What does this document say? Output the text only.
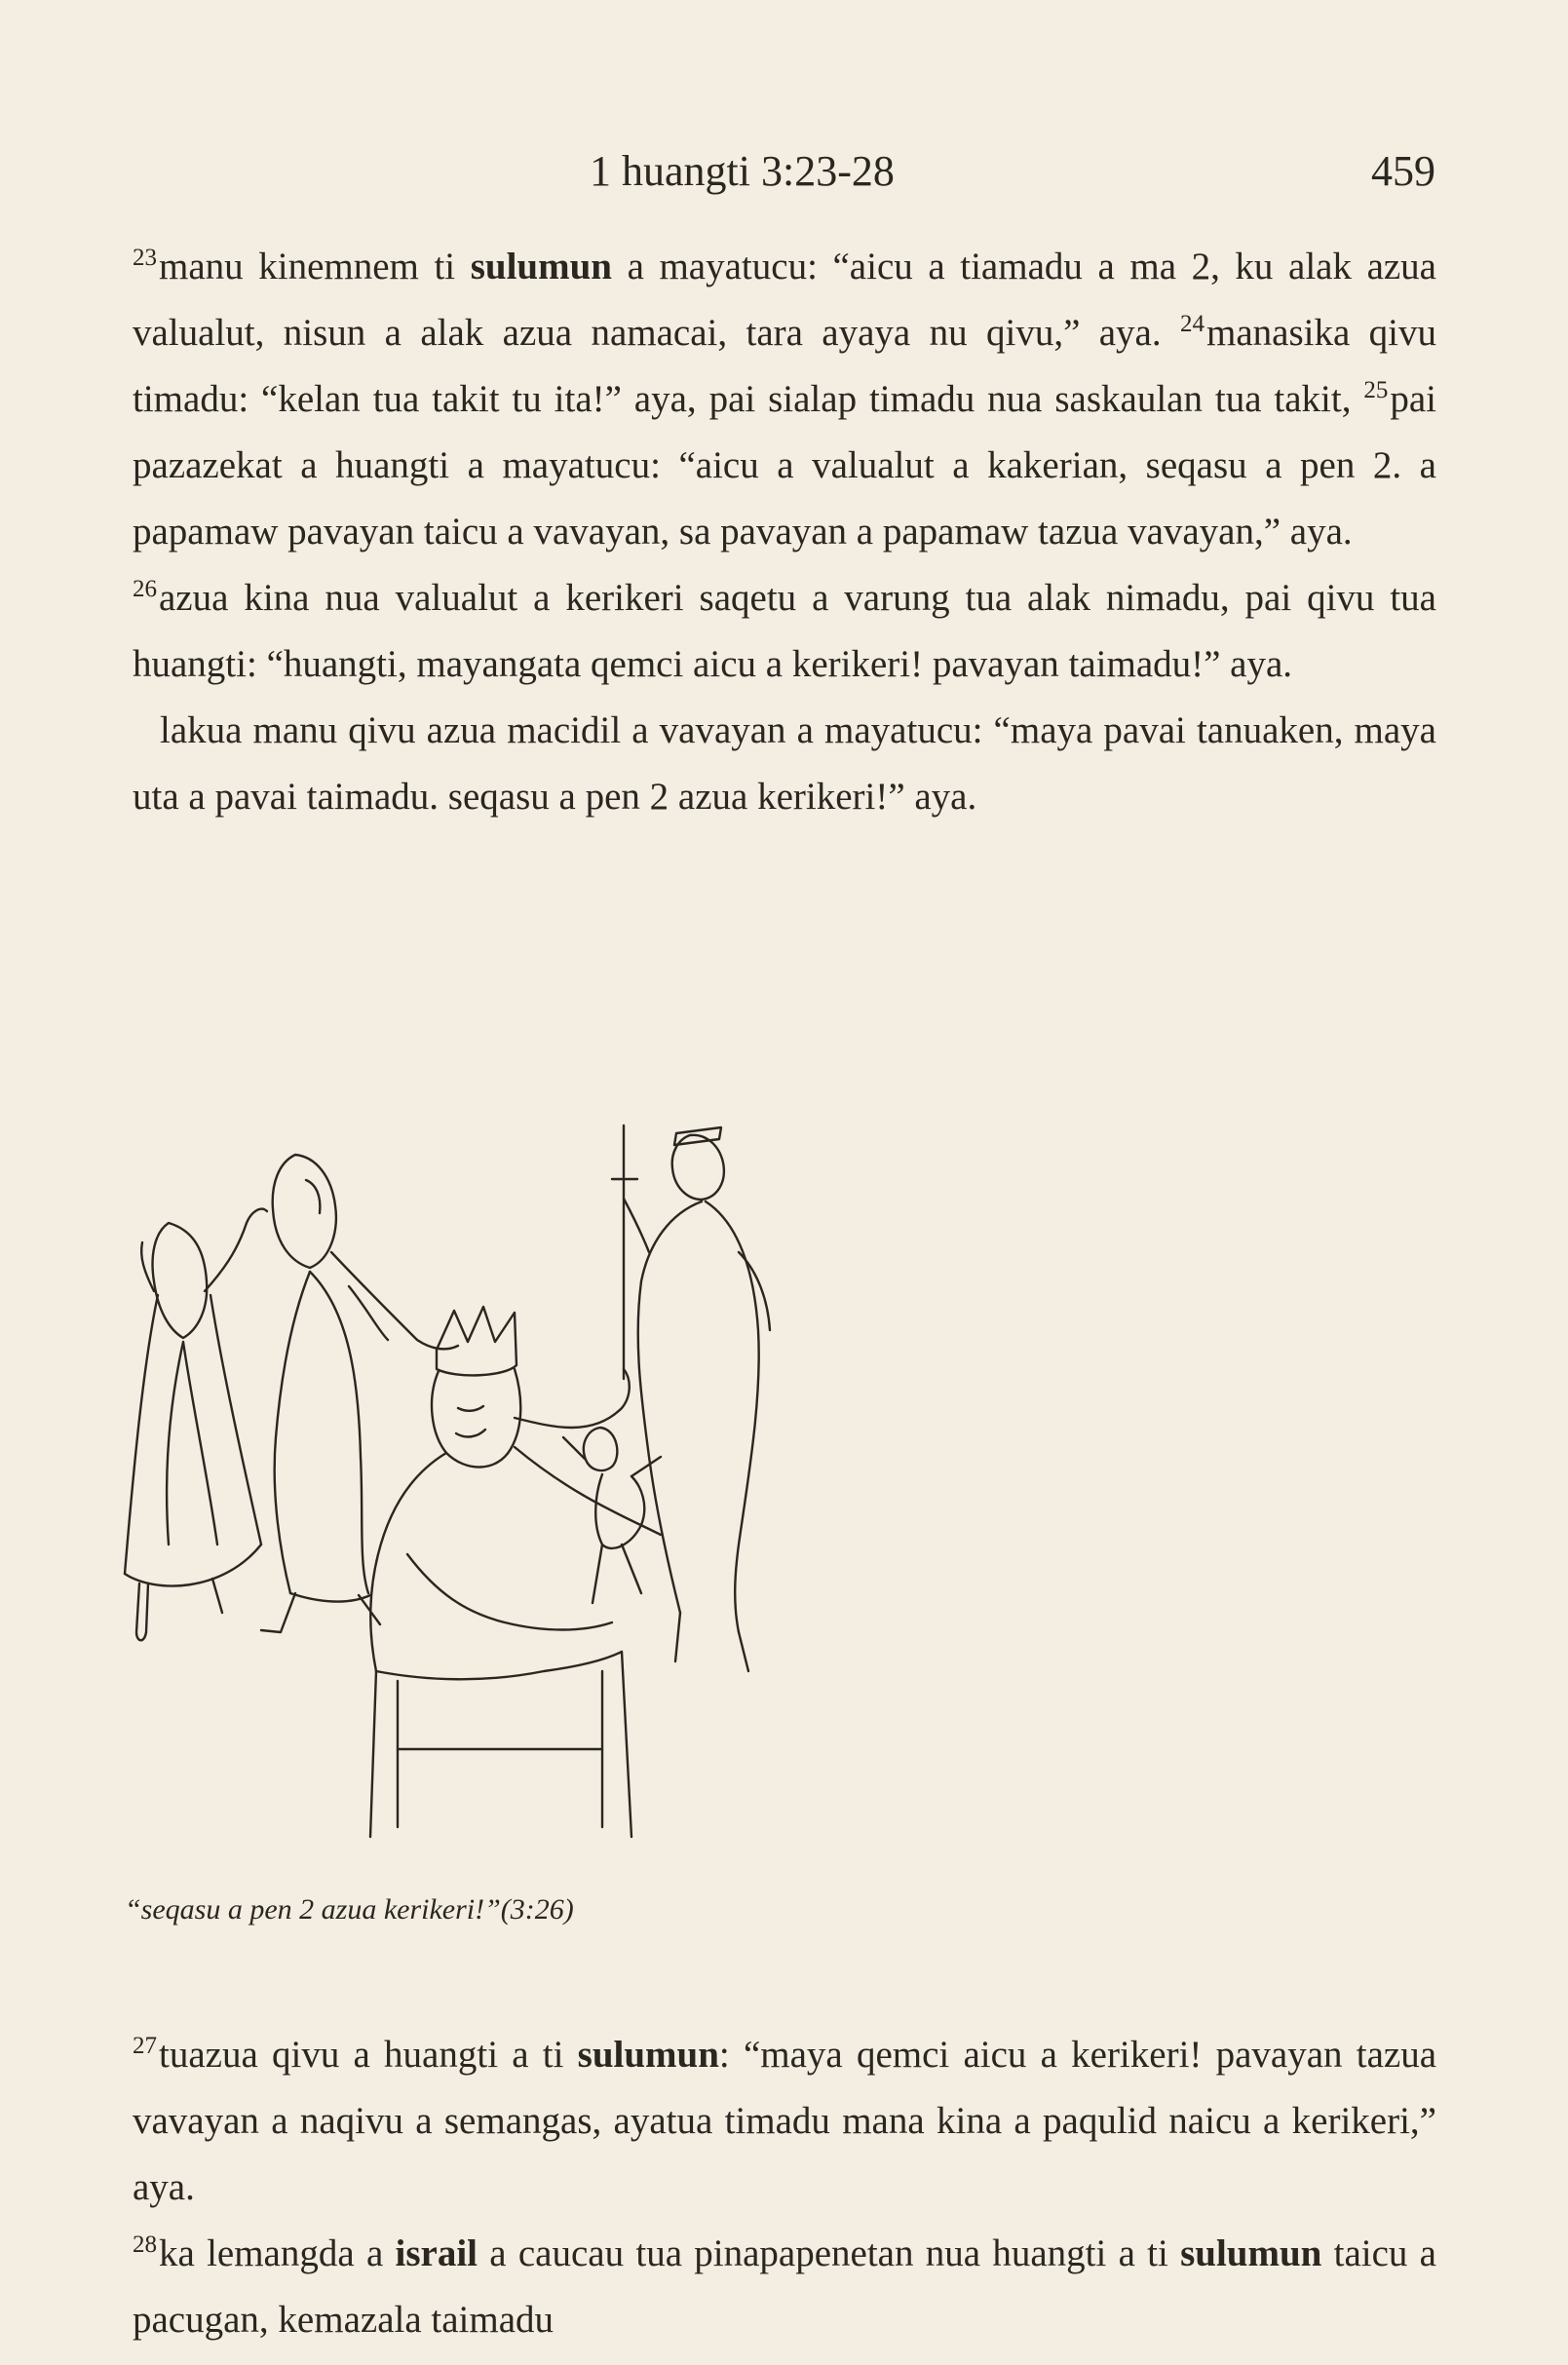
1 huangti 3:23-28	459

$^{23}$manu kinemnem ti sulumun a mayatucu: “aicu a tiamadu a ma 2, ku alak azua valualut, nisun a alak azua namacai, tara ayaya nu qivu,” aya. $^{24}$manasika qivu timadu: “kelan tua takit tu ita!” aya, pai sialap timadu nua saskaulan tua takit, $^{25}$pai pazazekat a huangti a mayatucu: “aicu a valualut a kakerian, seqasu a pen 2. a papamaw pavayan taicu a vavayan, sa pavayan a papamaw tazua vavayan,” aya.

$^{26}$azua kina nua valualut a kerikeri saqetu a varung tua alak nimadu, pai qivu tua huangti: “huangti, mayangata qemci aicu a kerikeri! pavayan taimadu!” aya.

lakua manu qivu azua macidil a vavayan a mayatucu: “maya pavai tanuaken, maya uta a pavai taimadu. seqasu a pen 2 azua kerikeri!” aya.

“seqasu a pen 2 azua kerikeri!”(3:26)

$^{27}$tuazua qivu a huangti a ti sulumun: “maya qemci aicu a kerikeri! pavayan tazua vavayan a naqivu a semangas, ayatua timadu mana kina a paqulid naicu a kerikeri,” aya.

$^{28}$ka lemangda a israil a caucau tua pinapapenetan nua huangti a ti sulumun taicu a pacugan, kemazala taimadu
